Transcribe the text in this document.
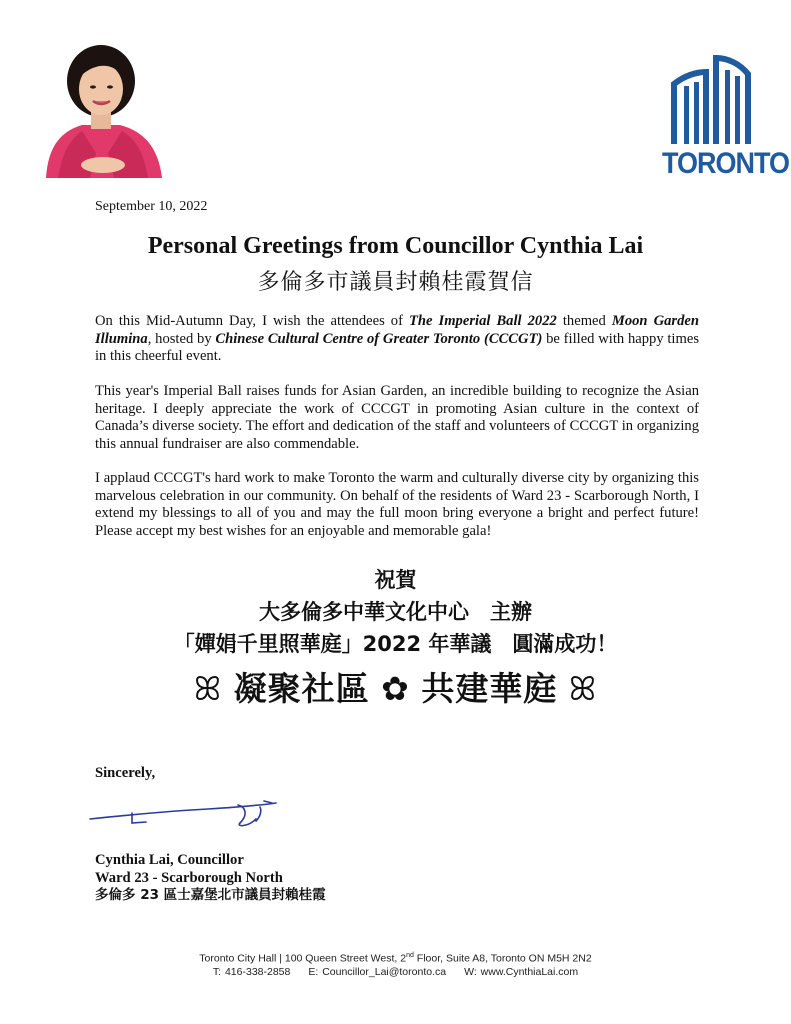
TORONTO
September 10, 2022
Personal Greetings from Councillor Cynthia Lai
多倫多市議員封賴桂霞賀信
On this Mid-Autumn Day, I wish the attendees of The Imperial Ball 2022 themed Moon Garden Illumina, hosted by Chinese Cultural Centre of Greater Toronto (CCCGT) be filled with happy times in this cheerful event.
This year's Imperial Ball raises funds for Asian Garden, an incredible building to recognize the Asian heritage. I deeply appreciate the work of CCCGT in promoting Asian culture in the context of Canada’s diverse society. The effort and dedication of the staff and volunteers of CCCGT in organizing this annual fundraiser are also commendable.
I applaud CCCGT's hard work to make Toronto the warm and culturally diverse city by organizing this marvelous celebration in our community. On behalf of the residents of Ward 23 - Scarborough North, I extend my blessings to all of you and may the full moon bring everyone a bright and perfect future! Please accept my best wishes for an enjoyable and memorable gala!
祝賀
大多倫多中華文化中心　主辦
「嬋娟千里照華庭」2022 年華議　圓滿成功！
ꕤ 凝聚社區 ✿ 共建華庭 ꕤ
Sincerely,
Cynthia Lai, Councillor
Ward 23 - Scarborough North
多倫多 23 區士嘉堡北市議員封賴桂霞
Toronto City Hall | 100 Queen Street West, 2nd Floor, Suite A8, Toronto ON M5H 2N2
T: 416-338-2858 E: Councillor_Lai@toronto.ca W: www.CynthiaLai.com
